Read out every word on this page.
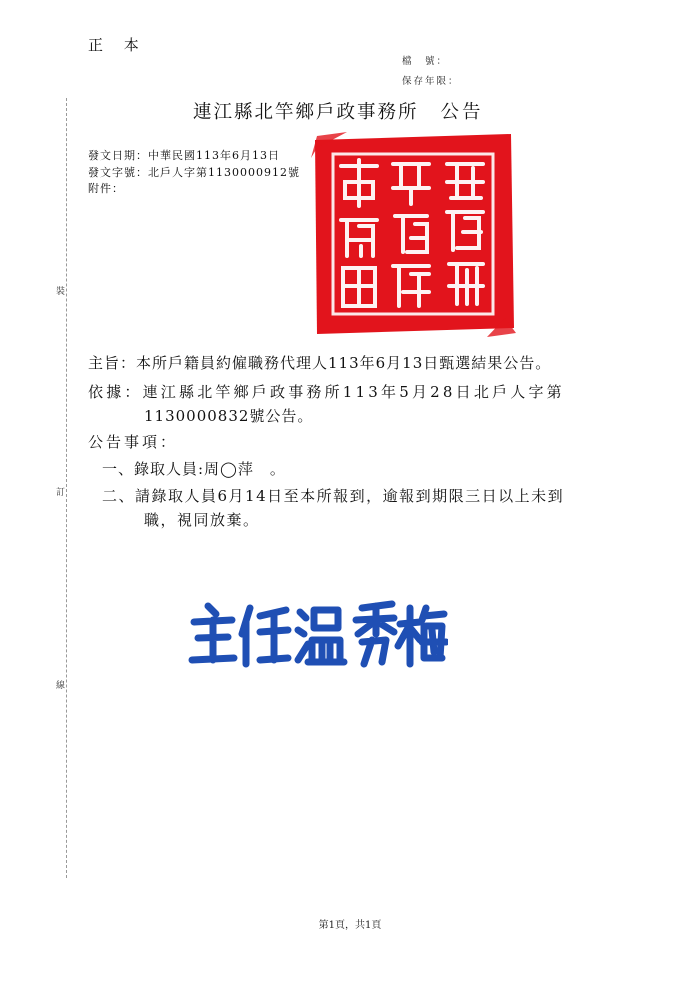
正 本
檔　號：
保存年限：
連江縣北竿鄉戶政事務所 公告
發文日期：中華民國113年6月13日
發文字號：北戶人字第1130000912號
附件：
裝
訂
線
主旨：本所戶籍員約僱職務代理人113年6月13日甄選結果公告。
依據：連江縣北竿鄉戶政事務所113年5月28日北戶人字第
1130000832號公告。
公告事項：
一、錄取人員:周◯萍　。
二、請錄取人員6月14日至本所報到，逾報到期限三日以上未到
職，視同放棄。
第1頁，共1頁
